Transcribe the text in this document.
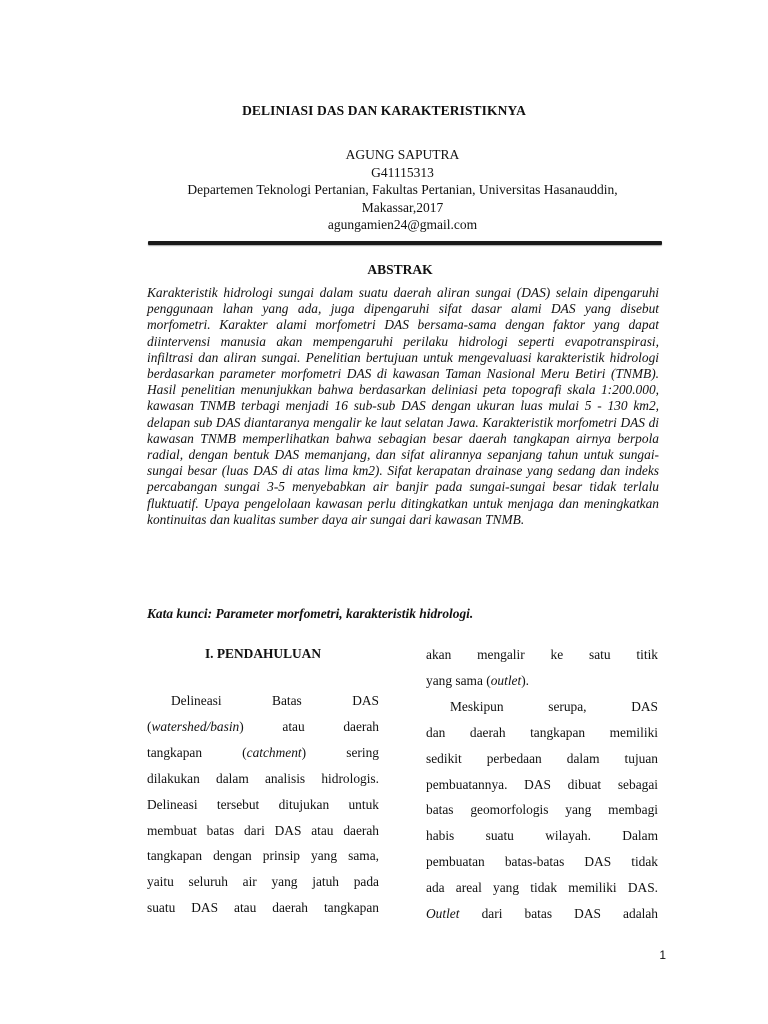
DELINIASI DAS DAN KARAKTERISTIKNYA
AGUNG SAPUTRA
G41115313
Departemen Teknologi Pertanian, Fakultas Pertanian, Universitas Hasanauddin,
Makassar,2017
agungamien24@gmail.com
ABSTRAK
Karakteristik hidrologi sungai dalam suatu daerah aliran sungai (DAS) selain dipengaruhi penggunaan lahan yang ada, juga dipengaruhi sifat dasar alami DAS yang disebut morfometri. Karakter alami morfometri DAS bersama-sama dengan faktor yang dapat diintervensi manusia akan mempengaruhi perilaku hidrologi seperti evapotranspirasi, infiltrasi dan aliran sungai. Penelitian bertujuan untuk mengevaluasi karakteristik hidrologi berdasarkan parameter morfometri DAS di kawasan Taman Nasional Meru Betiri (TNMB). Hasil penelitian menunjukkan bahwa berdasarkan deliniasi peta topografi skala 1:200.000, kawasan TNMB terbagi menjadi 16 sub-sub DAS dengan ukuran luas mulai 5 - 130 km2, delapan sub DAS diantaranya mengalir ke laut selatan Jawa. Karakteristik morfometri DAS di kawasan TNMB memperlihatkan bahwa sebagian besar daerah tangkapan airnya berpola radial, dengan bentuk DAS memanjang, dan sifat alirannya sepanjang tahun untuk sungai-sungai besar (luas DAS di atas lima km2). Sifat kerapatan drainase yang sedang dan indeks percabangan sungai 3-5 menyebabkan air banjir pada sungai-sungai besar tidak terlalu fluktuatif. Upaya pengelolaan kawasan perlu ditingkatkan untuk menjaga dan meningkatkan kontinuitas dan kualitas sumber daya air sungai dari kawasan TNMB.
Kata kunci: Parameter morfometri, karakteristik hidrologi.
I. PENDAHULUAN
Delineasi Batas DAS
(watershed/basin) atau daerah
tangkapan (catchment) sering
dilakukan dalam analisis hidrologis.
Delineasi tersebut ditujukan untuk
membuat batas dari DAS atau daerah
tangkapan dengan prinsip yang sama,
yaitu seluruh air yang jatuh pada
suatu DAS atau daerah tangkapan
akan mengalir ke satu titik
yang sama (outlet).
Meskipun serupa, DAS
dan daerah tangkapan memiliki
sedikit perbedaan dalam tujuan
pembuatannya. DAS dibuat sebagai
batas geomorfologis yang membagi
habis suatu wilayah. Dalam
pembuatan batas-batas DAS tidak
ada areal yang tidak memiliki DAS.
Outlet dari batas DAS adalah
1
